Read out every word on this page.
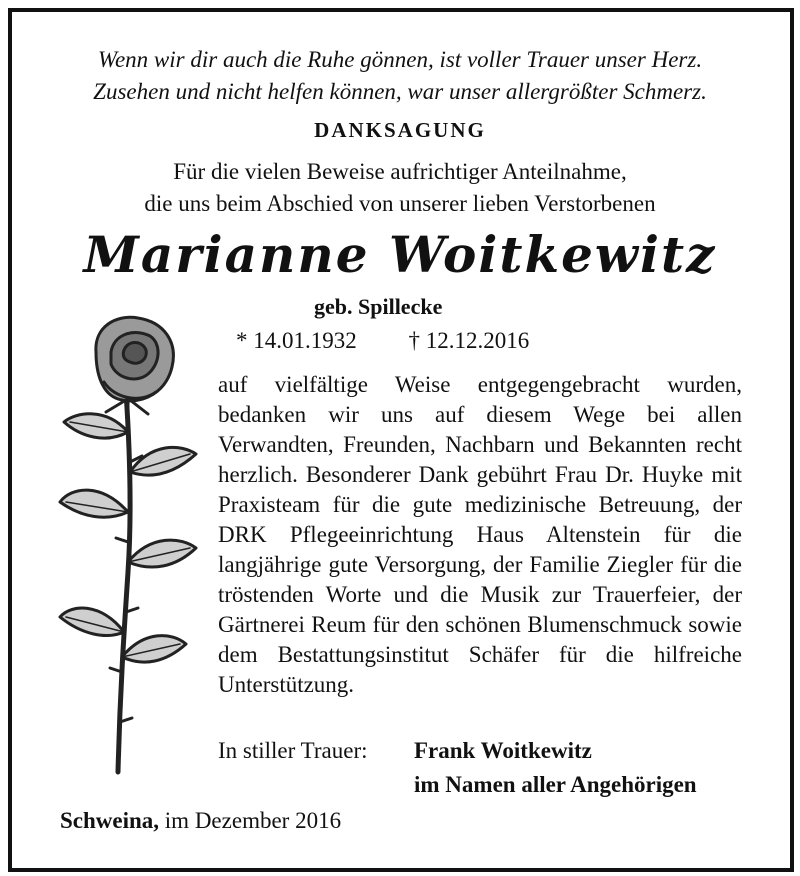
Wenn wir dir auch die Ruhe gönnen, ist voller Trauer unser Herz.
Zusehen und nicht helfen können, war unser allergrößter Schmerz.
DANKSAGUNG
Für die vielen Beweise aufrichtiger Anteilnahme,
die uns beim Abschied von unserer lieben Verstorbenen
Marianne Woitkewitz
geb. Spillecke
* 14.01.1932 † 12.12.2016

auf vielfältige Weise entgegengebracht wurden, bedanken wir uns auf diesem Wege bei allen Verwandten, Freunden, Nachbarn und Bekannten recht herzlich. Besonderer Dank gebührt Frau Dr. Huyke mit Praxisteam für die gute medizinische Betreuung, der DRK Pflegeeinrichtung Haus Altenstein für die langjährige gute Versorgung, der Familie Ziegler für die tröstenden Worte und die Musik zur Trauerfeier, der Gärtnerei Reum für den schönen Blumenschmuck sowie dem Bestattungsinstitut Schäfer für die hilfreiche Unterstützung.

In stiller Trauer: Frank Woitkewitz
im Namen aller Angehörigen
Schweina, im Dezember 2016
